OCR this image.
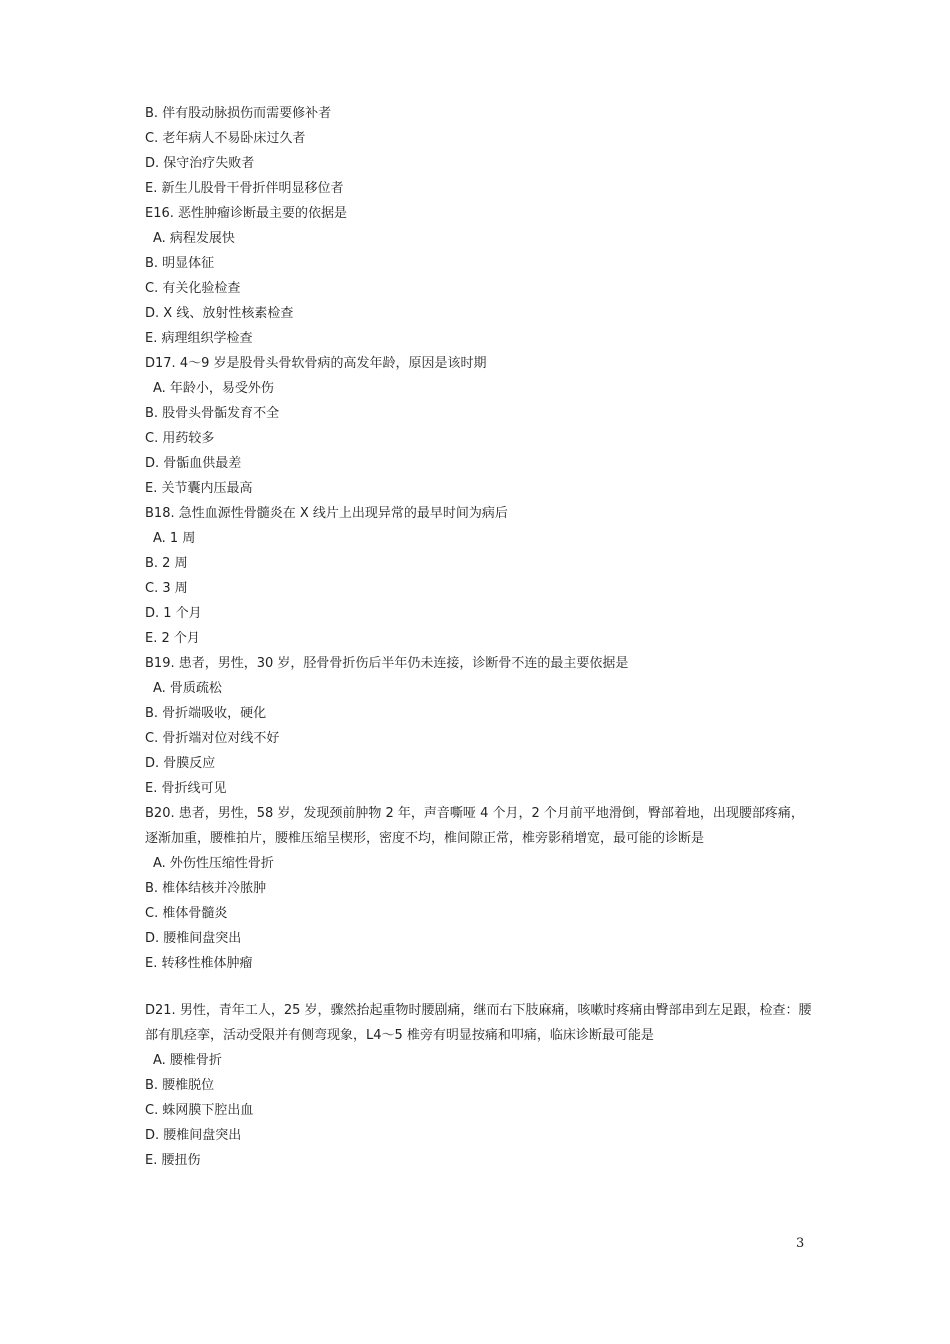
B. 伴有股动脉损伤而需要修补者
C. 老年病人不易卧床过久者
D. 保守治疗失败者
E. 新生儿股骨干骨折伴明显移位者
E16. 恶性肿瘤诊断最主要的依据是
A. 病程发展快
B. 明显体征
C. 有关化验检查
D. X 线、放射性核素检查
E. 病理组织学检查
D17. 4～9 岁是股骨头骨软骨病的高发年龄，原因是该时期
A. 年龄小，易受外伤
B. 股骨头骨骺发育不全
C. 用药较多
D. 骨骺血供最差
E. 关节囊内压最高
B18. 急性血源性骨髓炎在 X 线片上出现异常的最早时间为病后
A. 1 周
B. 2 周
C. 3 周
D. 1 个月
E. 2 个月
B19. 患者，男性，30 岁，胫骨骨折伤后半年仍未连接，诊断骨不连的最主要依据是
A. 骨质疏松
B. 骨折端吸收，硬化
C. 骨折端对位对线不好
D. 骨膜反应
E. 骨折线可见
B20. 患者，男性，58 岁，发现颈前肿物 2 年，声音嘶哑 4 个月，2 个月前平地滑倒，臀部着地，出现腰部疼痛，逐渐加重，腰椎拍片，腰椎压缩呈楔形，密度不均，椎间隙正常，椎旁影稍增宽，最可能的诊断是
A. 外伤性压缩性骨折
B. 椎体结核并冷脓肿
C. 椎体骨髓炎
D. 腰椎间盘突出
E. 转移性椎体肿瘤
D21. 男性，青年工人，25 岁，骤然抬起重物时腰剧痛，继而右下肢麻痛，咳嗽时疼痛由臀部串到左足跟，检查：腰部有肌痉挛，活动受限并有侧弯现象，L4～5 椎旁有明显按痛和叩痛，临床诊断最可能是
A. 腰椎骨折
B. 腰椎脱位
C. 蛛网膜下腔出血
D. 腰椎间盘突出
E. 腰扭伤
3
